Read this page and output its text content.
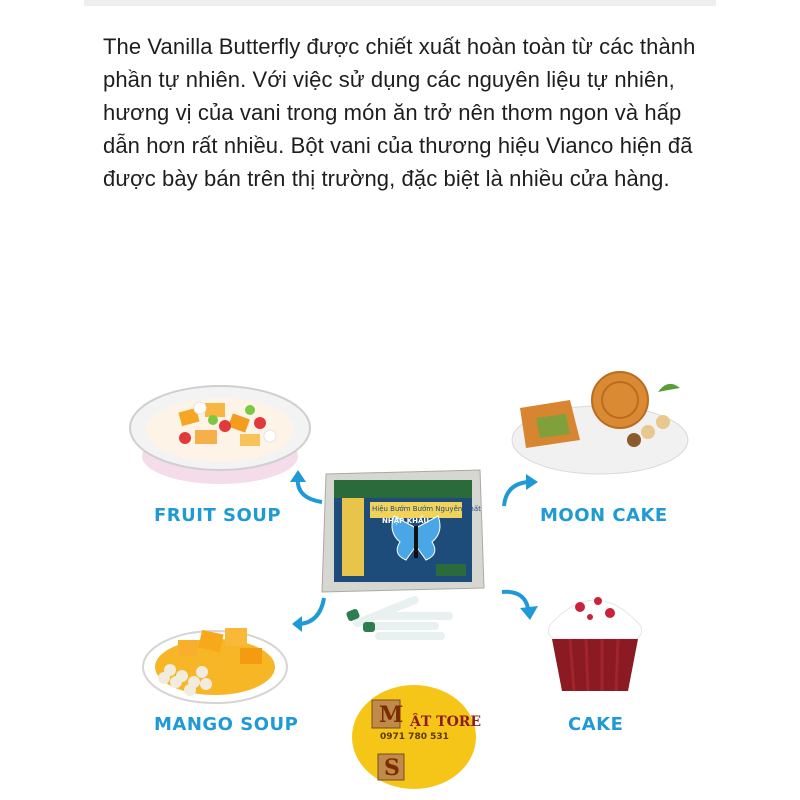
The Vanilla Butterfly được chiết xuất hoàn toàn từ các thành phần tự nhiên. Với việc sử dụng các nguyên liệu tự nhiên, hương vị của vani trong món ăn trở nên thơm ngon và hấp dẫn hơn rất nhiều. Bột vani của thương hiệu Vianco hiện đã được bày bán trên thị trường, đặc biệt là nhiều cửa hàng.

Hiệu Bướm Bướm Nguyên Chất
NHẬP KHẨU
M
S
ẬT TORE
0971 780 531
FRUIT SOUP	MOON CAKE
MANGO SOUP	CAKE
